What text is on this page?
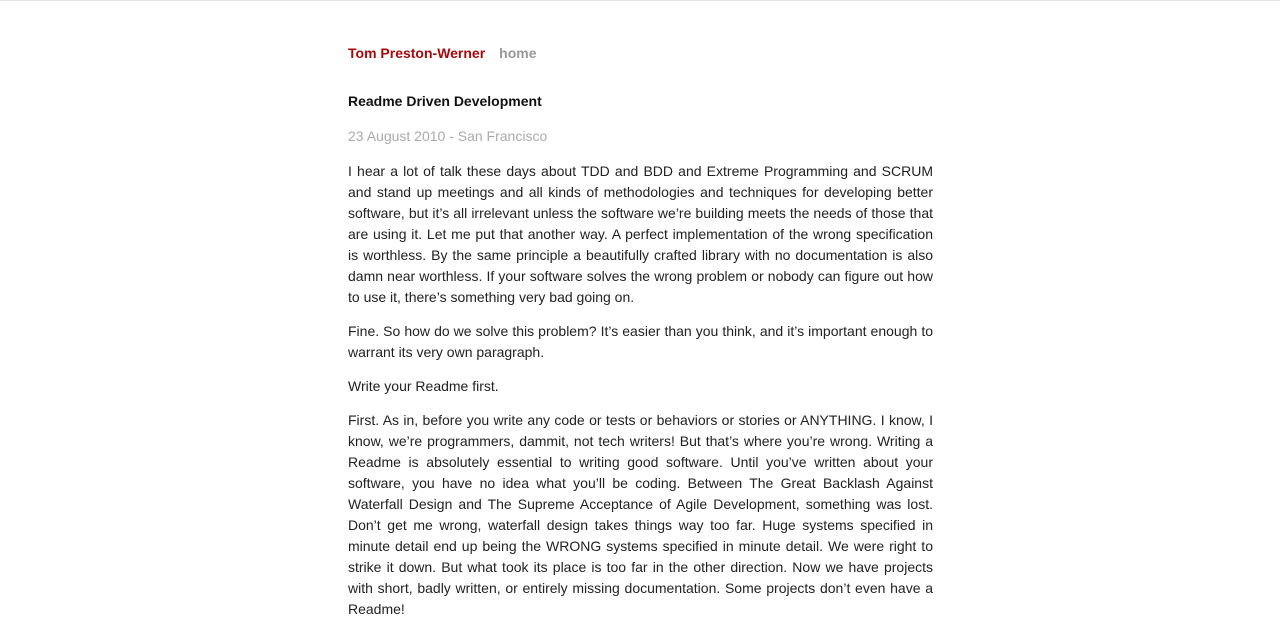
Tom Preston-Werner home
Readme Driven Development
23 August 2010 - San Francisco

I hear a lot of talk these days about TDD and BDD and Extreme Programming and SCRUM and stand up meetings and all kinds of methodologies and techniques for developing better software, but it’s all irrelevant unless the software we’re building meets the needs of those that are using it. Let me put that another way. A perfect implementation of the wrong specification is worthless. By the same principle a beautifully crafted library with no documentation is also damn near worthless. If your software solves the wrong problem or nobody can figure out how to use it, there’s something very bad going on.

Fine. So how do we solve this problem? It’s easier than you think, and it’s important enough to warrant its very own paragraph.

Write your Readme first.

First. As in, before you write any code or tests or behaviors or stories or ANYTHING. I know, I know, we’re programmers, dammit, not tech writers! But that’s where you’re wrong. Writing a Readme is absolutely essential to writing good software. Until you’ve written about your software, you have no idea what you’ll be coding. Between The Great Backlash Against Waterfall Design and The Supreme Acceptance of Agile Development, something was lost. Don’t get me wrong, waterfall design takes things way too far. Huge systems specified in minute detail end up being the WRONG systems specified in minute detail. We were right to strike it down. But what took its place is too far in the other direction. Now we have projects with short, badly written, or entirely missing documentation. Some projects don’t even have a Readme!
